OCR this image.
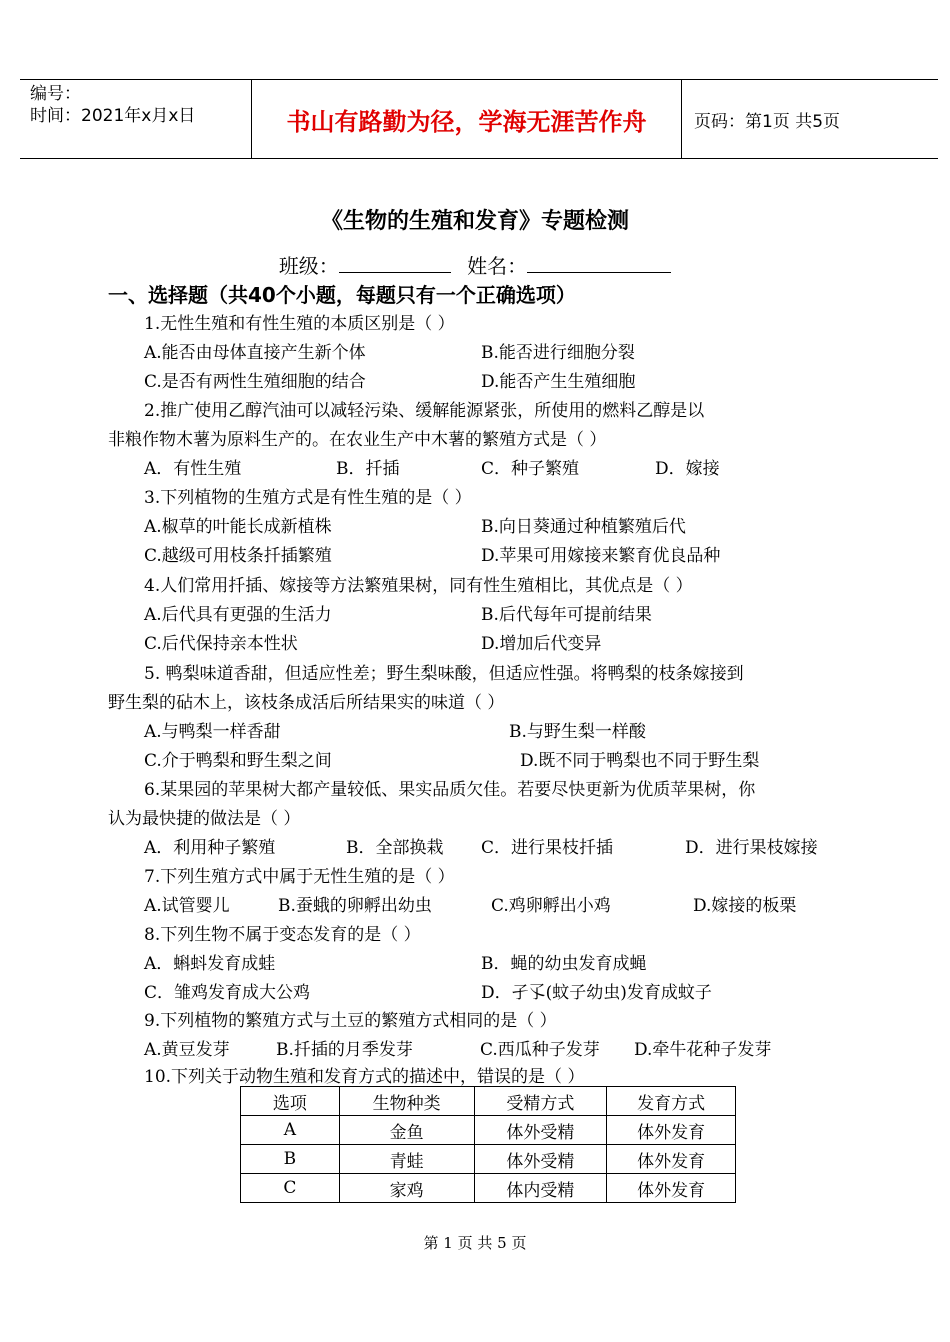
编号：
时间：2021年x月x日	书山有路勤为径，学海无涯苦作舟	页码：第1页 共5页
《生物的生殖和发育》专题检测
班级：	姓名：
一、选择题（共40个小题，每题只有一个正确选项）
1.无性生殖和有性生殖的本质区别是（ ）
A.能否由母体直接产生新个体	B.能否进行细胞分裂
C.是否有两性生殖细胞的结合	D.能否产生生殖细胞
2.推广使用乙醇汽油可以减轻污染、缓解能源紧张，所使用的燃料乙醇是以
非粮作物木薯为原料生产的。在农业生产中木薯的繁殖方式是（ ）
A．有性生殖	B．扦插	C．种子繁殖	D．嫁接
3.下列植物的生殖方式是有性生殖的是（ ）
A.椒草的叶能长成新植株	B.向日葵通过种植繁殖后代
C.越级可用枝条扦插繁殖	D.苹果可用嫁接来繁育优良品种
4.人们常用扦插、嫁接等方法繁殖果树，同有性生殖相比，其优点是（ ）
A.后代具有更强的生活力	B.后代每年可提前结果
C.后代保持亲本性状	D.增加后代变异
5. 鸭梨味道香甜，但适应性差；野生梨味酸，但适应性强。将鸭梨的枝条嫁接到
野生梨的砧木上，该枝条成活后所结果实的味道（ ）
A.与鸭梨一样香甜	B.与野生梨一样酸
C.介于鸭梨和野生梨之间	D.既不同于鸭梨也不同于野生梨
6.某果园的苹果树大都产量较低、果实品质欠佳。若要尽快更新为优质苹果树，你
认为最快捷的做法是（ ）
A．利用种子繁殖	B．全部换栽 C．进行果枝扦插	D．进行果枝嫁接
7.下列生殖方式中属于无性生殖的是（ ）
A.试管婴儿	B.蚕蛾的卵孵出幼虫	C.鸡卵孵出小鸡	D.嫁接的板栗
8.下列生物不属于变态发育的是（ ）
A．蝌蚪发育成蛙	B．蝇的幼虫发育成蝇
C．雏鸡发育成大公鸡	D．孑孓(蚊子幼虫)发育成蚊子
9.下列植物的繁殖方式与土豆的繁殖方式相同的是（ ）
A.黄豆发芽	B.扦插的月季发芽	C.西瓜种子发芽 D.牵牛花种子发芽
10.下列关于动物生殖和发育方式的描述中，错误的是（ ）
选项	生物种类	受精方式	发育方式
A	金鱼	体外受精	体外发育
B	青蛙	体外受精	体外发育
C	家鸡	体内受精	体外发育
第 1 页 共 5 页
